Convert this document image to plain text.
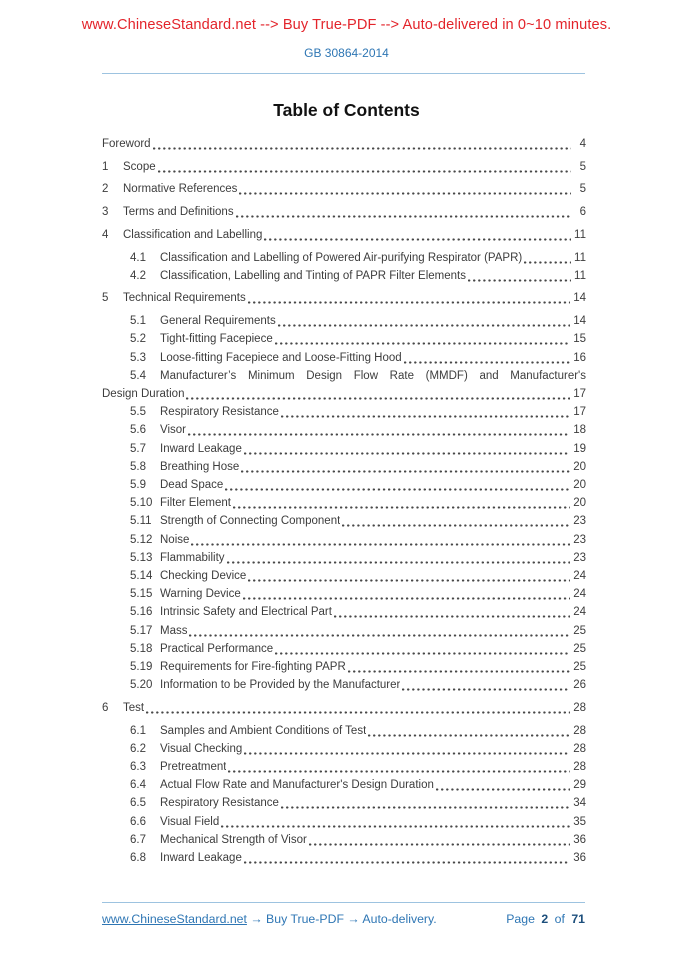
www.ChineseStandard.net --> Buy True-PDF --> Auto-delivered in 0~10 minutes.
GB 30864-2014
Table of Contents
Foreword	4
1	Scope	5
2	Normative References	5
3	Terms and Definitions	6
4	Classification and Labelling	11
4.1	Classification and Labelling of Powered Air-purifying Respirator (PAPR)	11
4.2	Classification, Labelling and Tinting of PAPR Filter Elements	11
5	Technical Requirements	14
5.1	General Requirements	14
5.2	Tight-fitting Facepiece	15
5.3	Loose-fitting Facepiece and Loose-Fitting Hood	16
5.4	Manufacturer’s Minimum Design Flow Rate (MMDF) and Manufacturer's
Design Duration	17
5.5	Respiratory Resistance	17
5.6	Visor	18
5.7	Inward Leakage	19
5.8	Breathing Hose	20
5.9	Dead Space	20
5.10 Filter Element	20
5.11 Strength of Connecting Component	23
5.12 Noise	23
5.13 Flammability	23
5.14 Checking Device	24
5.15 Warning Device	24
5.16 Intrinsic Safety and Electrical Part	24
5.17 Mass	25
5.18 Practical Performance	25
5.19 Requirements for Fire-fighting PAPR	25
5.20 Information to be Provided by the Manufacturer	26
6	Test	28
6.1	Samples and Ambient Conditions of Test	28
6.2	Visual Checking	28
6.3	Pretreatment	28
6.4	Actual Flow Rate and Manufacturer's Design Duration	29
6.5	Respiratory Resistance	34
6.6	Visual Field	35
6.7	Mechanical Strength of Visor	36
6.8	Inward Leakage	36
www.ChineseStandard.net → Buy True-PDF → Auto-delivery.	Page 2 of 71
